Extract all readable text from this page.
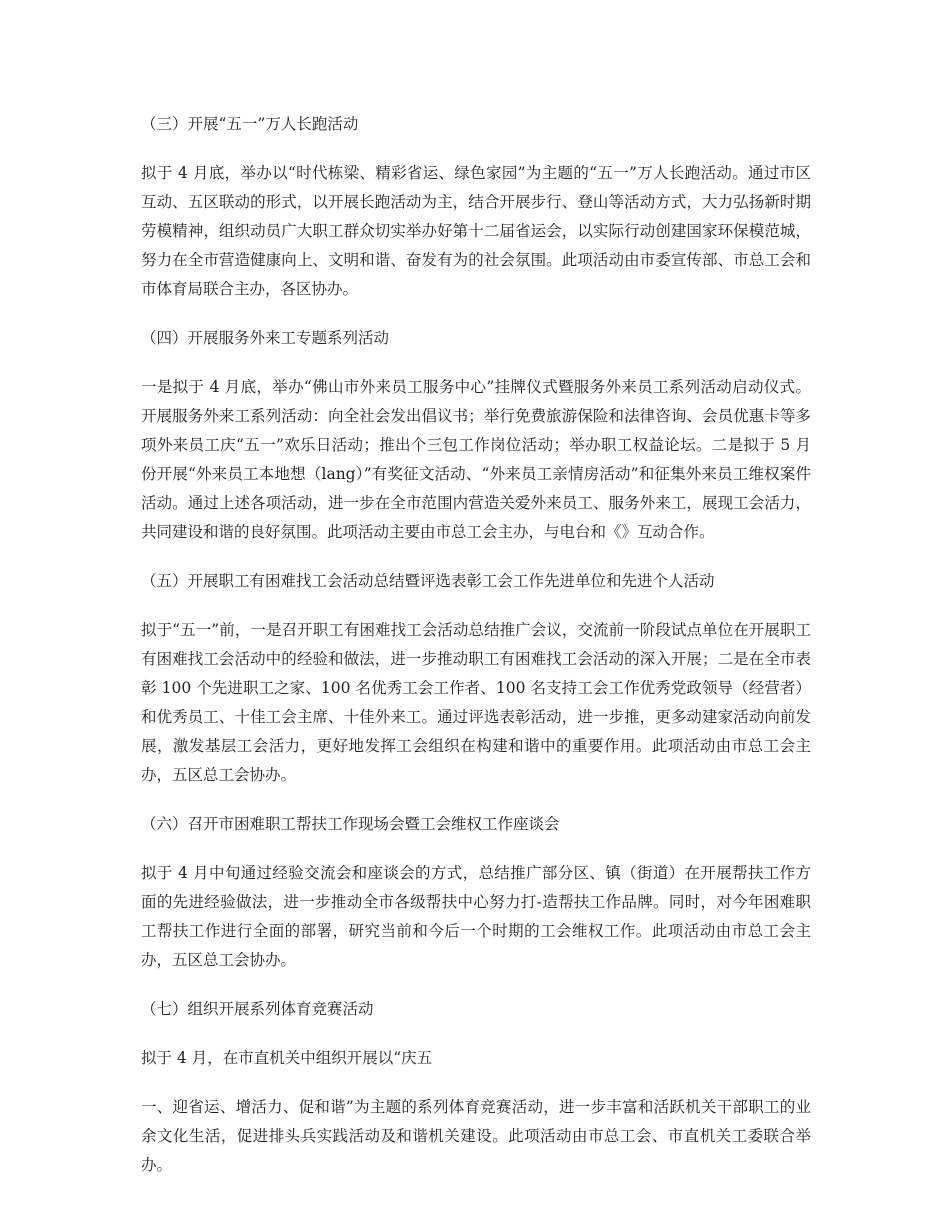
（三）开展“五一”万人长跑活动

拟于 4 月底，举办以“时代栋梁、精彩省运、绿色家园”为主题的“五一”万人长跑活动。通过市区互动、五区联动的形式，以开展长跑活动为主，结合开展步行、登山等活动方式，大力弘扬新时期劳模精神，组织动员广大职工群众切实举办好第十二届省运会，以实际行动创建国家环保模范城，努力在全市营造健康向上、文明和谐、奋发有为的社会氛围。此项活动由市委宣传部、市总工会和市体育局联合主办，各区协办。

（四）开展服务外来工专题系列活动

一是拟于 4 月底，举办“佛山市外来员工服务中心”挂牌仪式暨服务外来员工系列活动启动仪式。开展服务外来工系列活动：向全社会发出倡议书；举行免费旅游保险和法律咨询、会员优惠卡等多项外来员工庆“五一”欢乐日活动；推出个三包工作岗位活动；举办职工权益论坛。二是拟于 5 月份开展“外来员工本地想（lang）”有奖征文活动、“外来员工亲情房活动”和征集外来员工维权案件活动。通过上述各项活动，进一步在全市范围内营造关爱外来员工、服务外来工，展现工会活力，共同建设和谐的良好氛围。此项活动主要由市总工会主办，与电台和《》互动合作。

（五）开展职工有困难找工会活动总结暨评选表彰工会工作先进单位和先进个人活动

拟于“五一”前，一是召开职工有困难找工会活动总结推广会议，交流前一阶段试点单位在开展职工有困难找工会活动中的经验和做法，进一步推动职工有困难找工会活动的深入开展；二是在全市表彰 100 个先进职工之家、100 名优秀工会工作者、100 名支持工会工作优秀党政领导（经营者）和优秀员工、十佳工会主席、十佳外来工。通过评选表彰活动，进一步推，更多动建家活动向前发展，激发基层工会活力，更好地发挥工会组织在构建和谐中的重要作用。此项活动由市总工会主办，五区总工会协办。

（六）召开市困难职工帮扶工作现场会暨工会维权工作座谈会

拟于 4 月中旬通过经验交流会和座谈会的方式，总结推广部分区、镇（街道）在开展帮扶工作方面的先进经验做法，进一步推动全市各级帮扶中心努力打-造帮扶工作品牌。同时，对今年困难职工帮扶工作进行全面的部署，研究当前和今后一个时期的工会维权工作。此项活动由市总工会主办，五区总工会协办。

（七）组织开展系列体育竞赛活动

拟于 4 月，在市直机关中组织开展以“庆五

一、迎省运、增活力、促和谐”为主题的系列体育竞赛活动，进一步丰富和活跃机关干部职工的业余文化生活，促进排头兵实践活动及和谐机关建设。此项活动由市总工会、市直机关工委联合举办。
